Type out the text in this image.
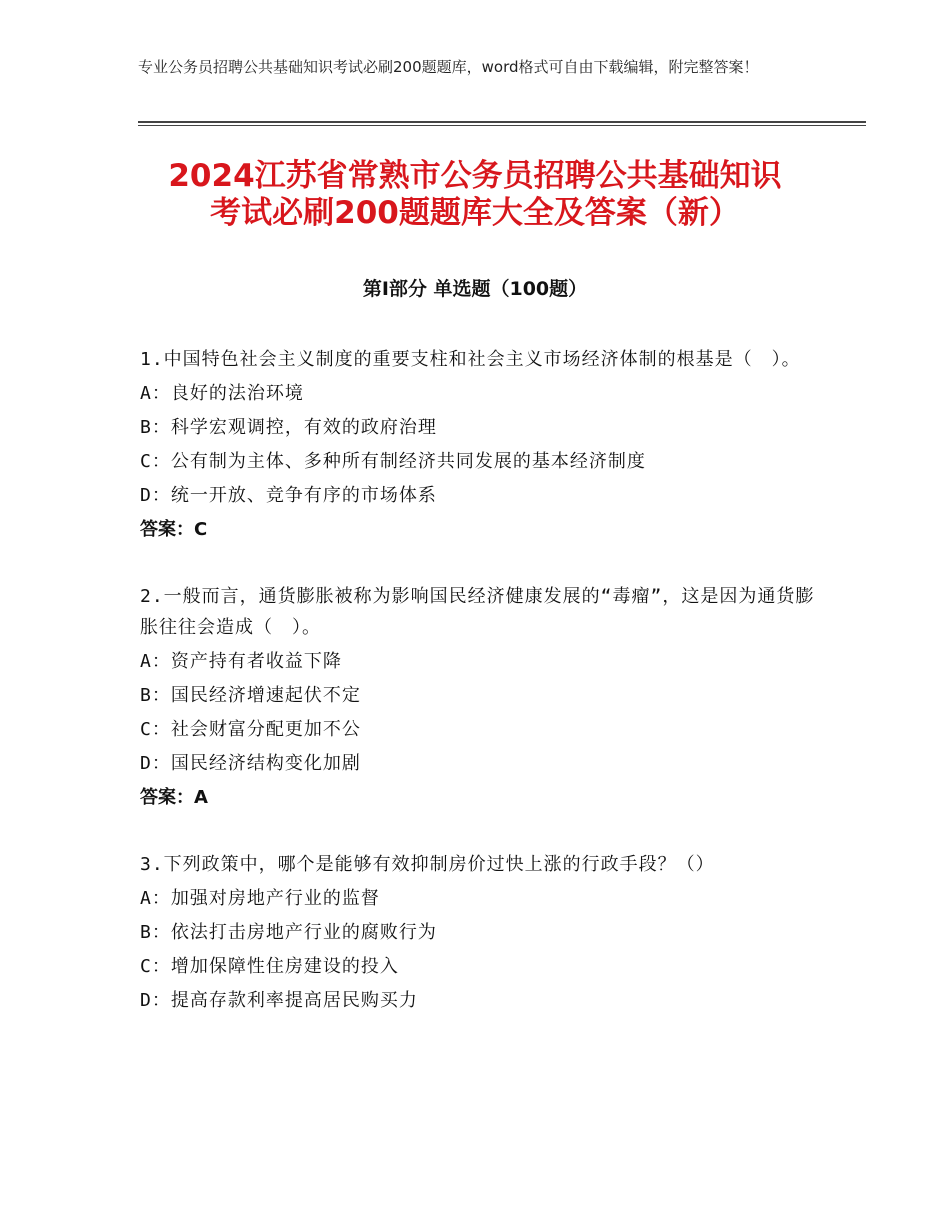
专业公务员招聘公共基础知识考试必刷200题题库，word格式可自由下载编辑，附完整答案！
2024江苏省常熟市公务员招聘公共基础知识
考试必刷200题题库大全及答案（新）
第Ⅰ部分 单选题（100题）
1.中国特色社会主义制度的重要支柱和社会主义市场经济体制的根基是（　）。
A：良好的法治环境
B：科学宏观调控，有效的政府治理
C：公有制为主体、多种所有制经济共同发展的基本经济制度
D：统一开放、竞争有序的市场体系
答案：C
2.一般而言，通货膨胀被称为影响国民经济健康发展的“毒瘤”，这是因为通货膨胀往往会造成（　）。
A：资产持有者收益下降
B：国民经济增速起伏不定
C：社会财富分配更加不公
D：国民经济结构变化加剧
答案：A
3.下列政策中，哪个是能够有效抑制房价过快上涨的行政手段？（）
A：加强对房地产行业的监督
B：依法打击房地产行业的腐败行为
C：增加保障性住房建设的投入
D：提高存款利率提高居民购买力
